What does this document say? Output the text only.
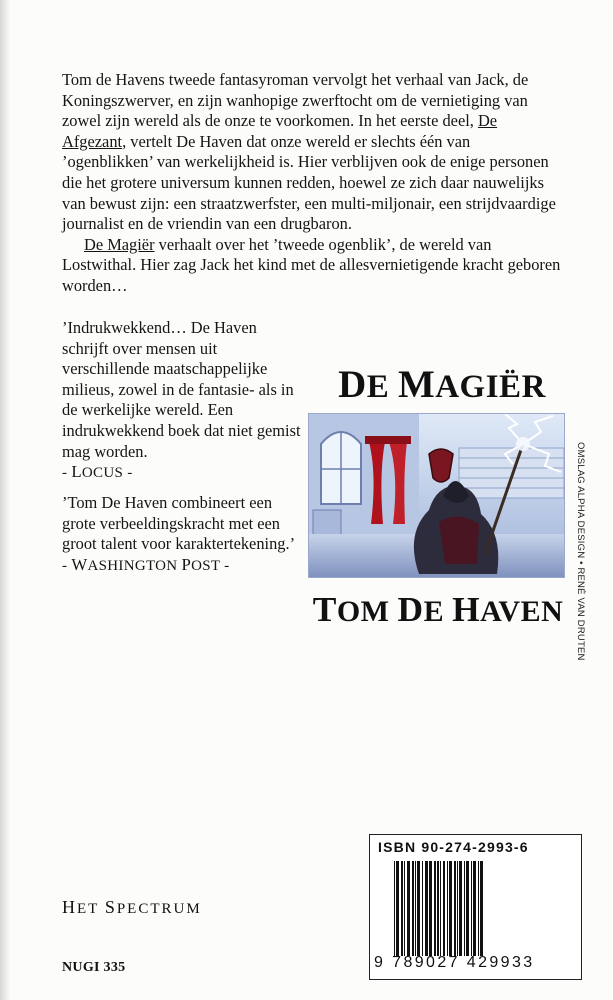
Tom de Havens tweede fantasyroman vervolgt het verhaal van Jack, de Koningszwerver, en zijn wanhopige zwerftocht om de vernietiging van zowel zijn wereld als de onze te voorkomen. In het eerste deel, De Afgezant, vertelt De Haven dat onze wereld er slechts één van ’ogenblikken’ van werkelijkheid is. Hier verblijven ook de enige personen die het grotere universum kunnen redden, hoewel ze zich daar nauwelijks van bewust zijn: een straatzwerfster, een multi-miljonair, een strijdvaardige journalist en de vriendin van een drugbaron.

De Magiër verhaalt over het ’tweede ogenblik’, de wereld van Lostwithal. Hier zag Jack het kind met de allesvernietigende kracht geboren worden…

’Indrukwekkend… De Haven schrijft over mensen uit verschillende maatschappelijke milieus, zowel in de fantasie- als in de werkelijke wereld. Een indrukwekkend boek dat niet gemist mag worden.
- LOCUS -
’Tom De Haven combineert een grote verbeeldingskracht met een groot talent voor karaktertekening.’
- WASHINGTON POST -
DE MAGIËR
TOM DE HAVEN OMSLAG ALPHA DESIGN • RENÉ VAN DRUTEN
HET SPECTRUM
NUGI 335
ISBN 90-274-2993-6
9 789027 429933
